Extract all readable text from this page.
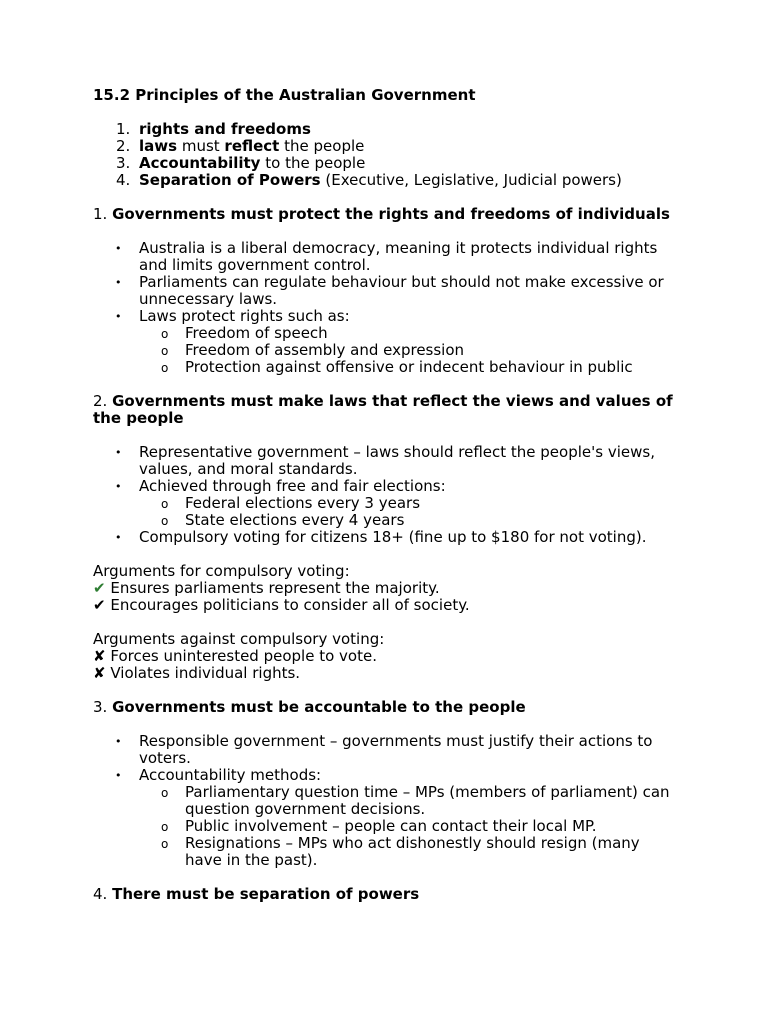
15.2 Principles of the Australian Government
1. rights and freedoms
2. laws must reflect the people
3. Accountability to the people
4. Separation of Powers (Executive, Legislative, Judicial powers)
1. Governments must protect the rights and freedoms of individuals
• Australia is a liberal democracy, meaning it protects individual rights and limits government control.
• Parliaments can regulate behaviour but should not make excessive or unnecessary laws.
• Laws protect rights such as:
o Freedom of speech
o Freedom of assembly and expression
o Protection against offensive or indecent behaviour in public
2. Governments must make laws that reflect the views and values of the people
• Representative government – laws should reflect the people's views, values, and moral standards.
• Achieved through free and fair elections:
o Federal elections every 3 years
o State elections every 4 years
• Compulsory voting for citizens 18+ (fine up to $180 for not voting).
Arguments for compulsory voting:
✔ Ensures parliaments represent the majority.
✔ Encourages politicians to consider all of society.
Arguments against compulsory voting:
✘ Forces uninterested people to vote.
✘ Violates individual rights.
3. Governments must be accountable to the people
• Responsible government – governments must justify their actions to voters.
• Accountability methods:
o Parliamentary question time – MPs (members of parliament) can question government decisions.
o Public involvement – people can contact their local MP.
o Resignations – MPs who act dishonestly should resign (many have in the past).
4. There must be separation of powers
